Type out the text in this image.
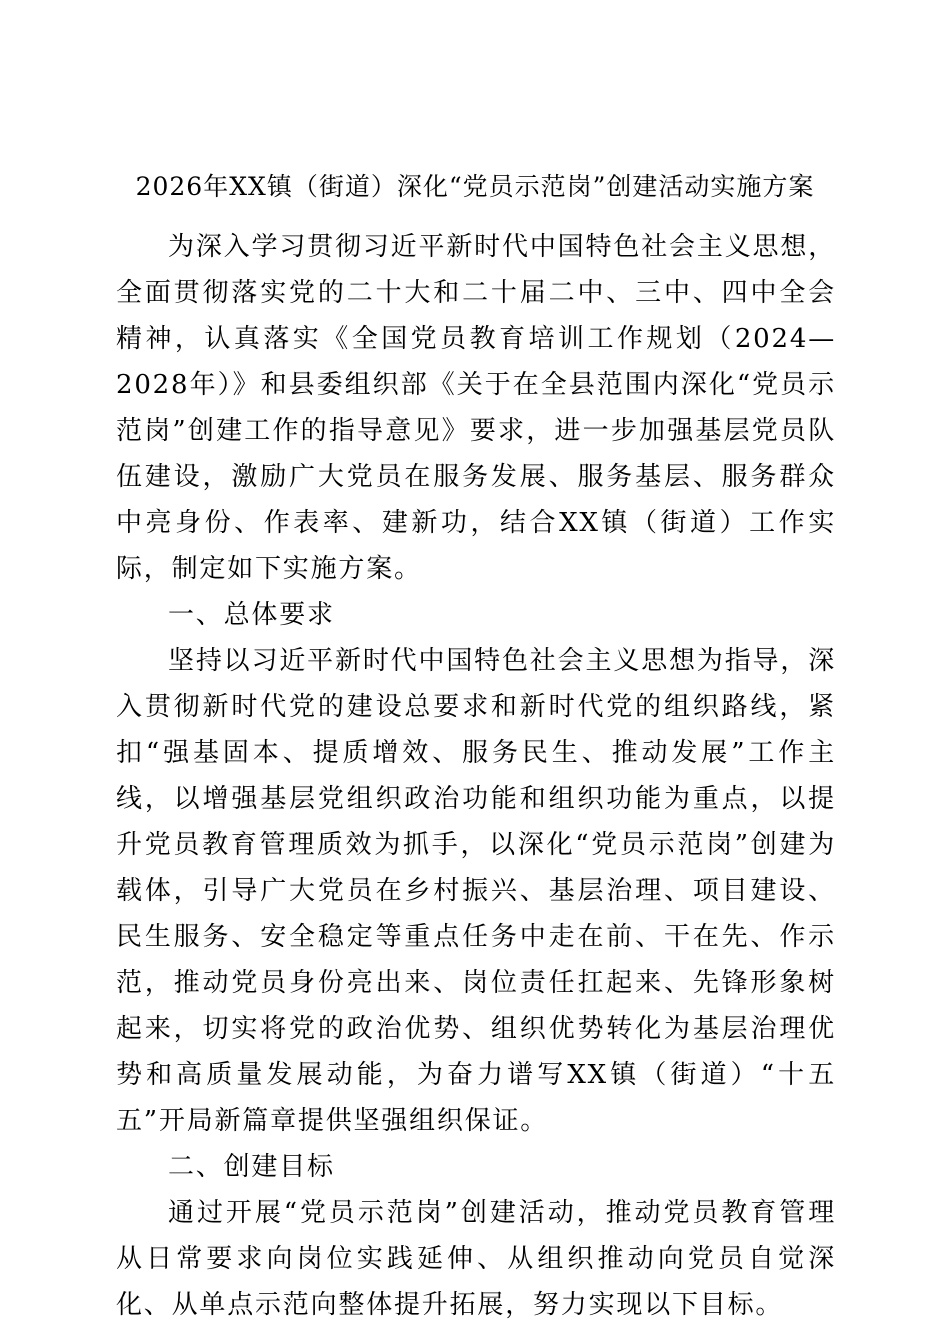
2026年XX镇（街道）深化“党员示范岗”创建活动实施方案

为深入学习贯彻习近平新时代中国特色社会主义思想，全面贯彻落实党的二十大和二十届二中、三中、四中全会精神，认真落实《全国党员教育培训工作规划（2024—2028年）》和县委组织部《关于在全县范围内深化“党员示范岗”创建工作的指导意见》要求，进一步加强基层党员队伍建设，激励广大党员在服务发展、服务基层、服务群众中亮身份、作表率、建新功，结合XX镇（街道）工作实际，制定如下实施方案。

一、总体要求

坚持以习近平新时代中国特色社会主义思想为指导，深入贯彻新时代党的建设总要求和新时代党的组织路线，紧扣“强基固本、提质增效、服务民生、推动发展”工作主线，以增强基层党组织政治功能和组织功能为重点，以提升党员教育管理质效为抓手，以深化“党员示范岗”创建为载体，引导广大党员在乡村振兴、基层治理、项目建设、民生服务、安全稳定等重点任务中走在前、干在先、作示范，推动党员身份亮出来、岗位责任扛起来、先锋形象树起来，切实将党的政治优势、组织优势转化为基层治理优势和高质量发展动能，为奋力谱写XX镇（街道）“十五五”开局新篇章提供坚强组织保证。

二、创建目标

通过开展“党员示范岗”创建活动，推动党员教育管理从日常要求向岗位实践延伸、从组织推动向党员自觉深化、从单点示范向整体提升拓展，努力实现以下目标。
